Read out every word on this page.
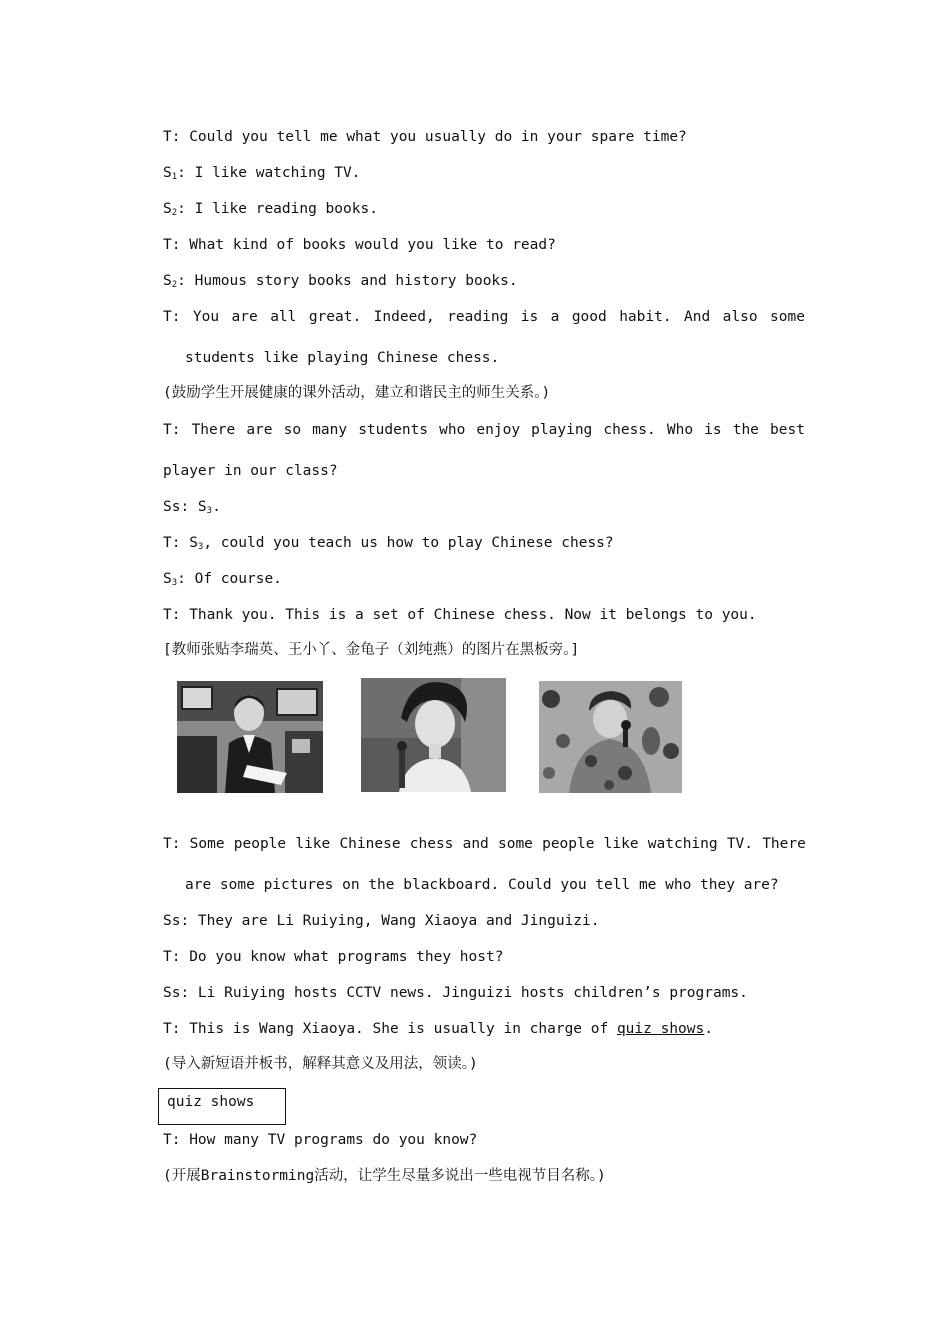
T: Could you tell me what you usually do in your spare time?
$S_1$: I like watching TV.
$S_2$: I like reading books.
T: What kind of books would you like to read?
$S_2$: Humous story books and history books.
T: You are all great. Indeed, reading is a good habit. And also some
students like playing Chinese chess.
(鼓励学生开展健康的课外活动，建立和谐民主的师生关系。)
T: There are so many students who enjoy playing chess. Who is the best
player in our class?
Ss: $S_3$.
T: $S_3$, could you teach us how to play Chinese chess?
$S_3$: Of course.
T: Thank you. This is a set of Chinese chess. Now it belongs to you.
[教师张贴李瑞英、王小丫、金龟子（刘纯燕）的图片在黑板旁。]
T: Some people like Chinese chess and some people like watching TV. There
are some pictures on the blackboard. Could you tell me who they are?
Ss: They are Li Ruiying, Wang Xiaoya and Jinguizi.
T: Do you know what programs they host?
Ss: Li Ruiying hosts CCTV news. Jinguizi hosts children’s programs.
T: This is Wang Xiaoya. She is usually in charge of quiz shows.
(导入新短语并板书，解释其意义及用法，领读。)
quiz shows
T: How many TV programs do you know?
(开展Brainstorming活动，让学生尽量多说出一些电视节目名称。)
